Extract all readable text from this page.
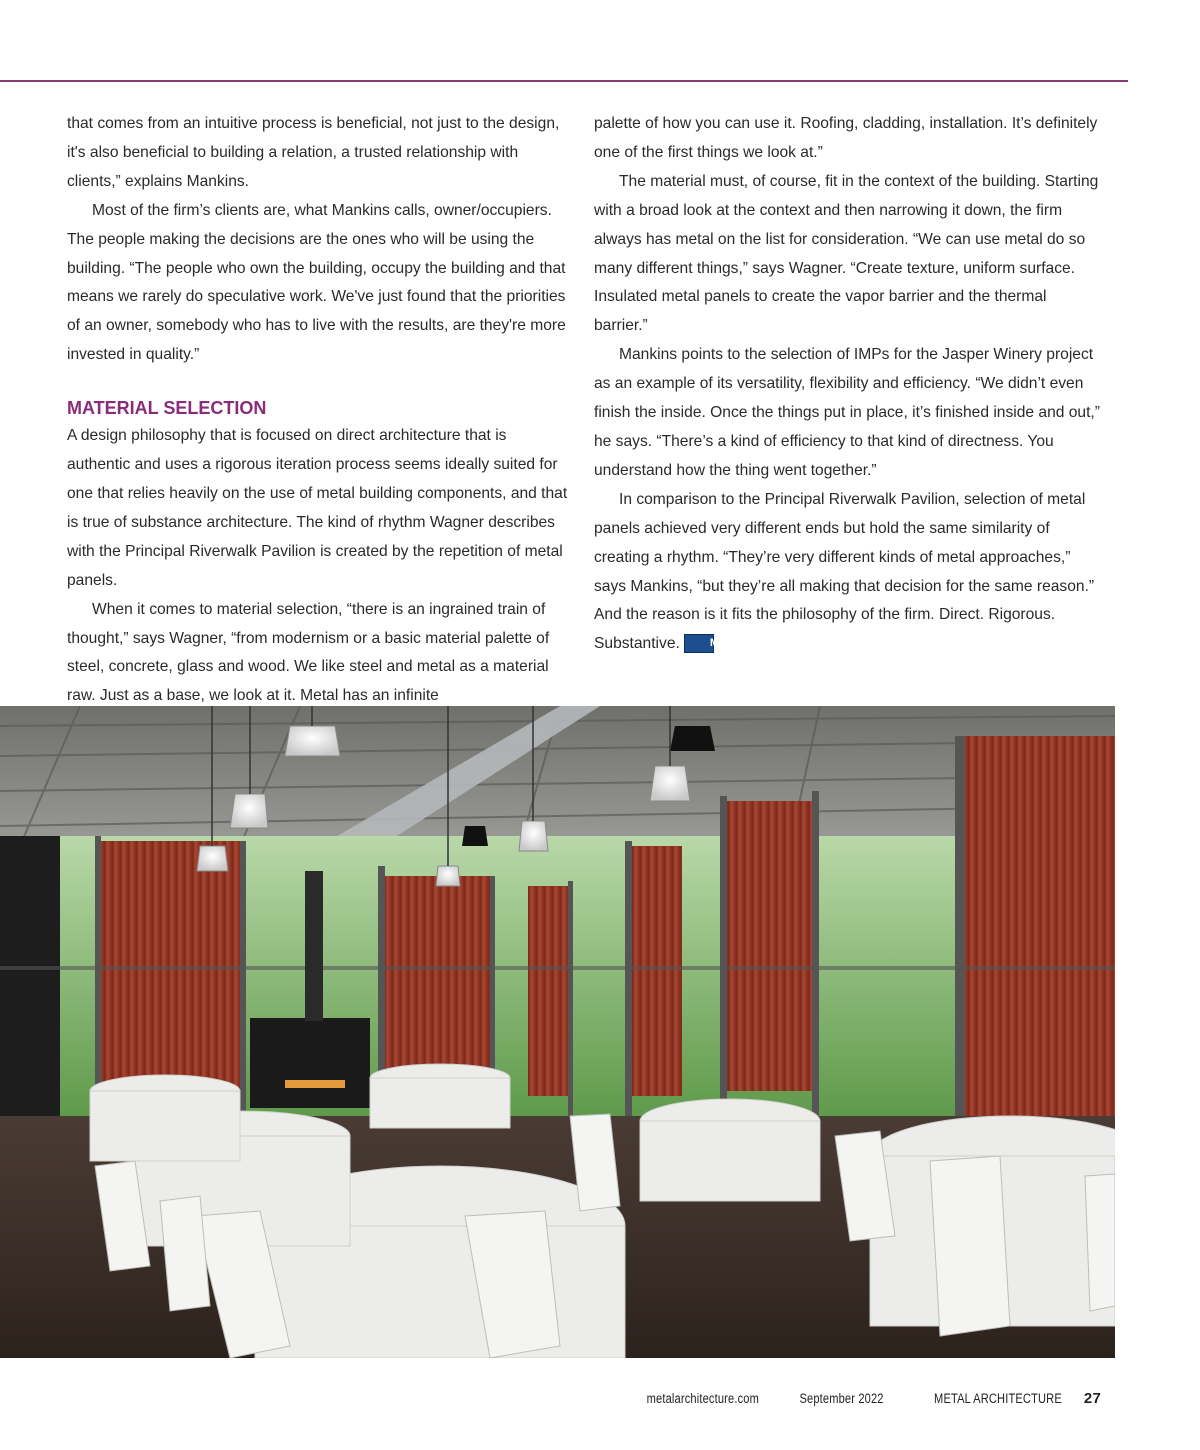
that comes from an intuitive process is beneficial, not just to the design, it's also beneficial to building a relation, a trusted relationship with clients,” explains Mankins.

Most of the firm’s clients are, what Mankins calls, owner/occupiers. The people making the decisions are the ones who will be using the building. “The people who own the building, occupy the building and that means we rarely do speculative work. We've just found that the priorities of an owner, somebody who has to live with the results, are they're more invested in quality.”

MATERIAL SELECTION

A design philosophy that is focused on direct architecture that is authentic and uses a rigorous iteration process seems ideally suited for one that relies heavily on the use of metal building components, and that is true of substance architecture. The kind of rhythm Wagner describes with the Principal Riverwalk Pavilion is created by the repetition of metal panels.

When it comes to material selection, “there is an ingrained train of thought,” says Wagner, “from modernism or a basic material palette of steel, concrete, glass and wood. We like steel and metal as a material raw. Just as a base, we look at it. Metal has an infinite

palette of how you can use it. Roofing, cladding, installation. It’s definitely one of the first things we look at.”

The material must, of course, fit in the context of the building. Starting with a broad look at the context and then narrowing it down, the firm always has metal on the list for consideration. “We can use metal do so many different things,” says Wagner. “Create texture, uniform surface. Insulated metal panels to create the vapor barrier and the thermal barrier.”

Mankins points to the selection of IMPs for the Jasper Winery project as an example of its versatility, flexibility and efficiency. “We didn’t even finish the inside. Once the things put in place, it’s finished inside and out,” he says. “There’s a kind of efficiency to that kind of directness. You understand how the thing went together.”

In comparison to the Principal Riverwalk Pavilion, selection of metal panels achieved very different ends but hold the same similarity of creating a rhythm. “They’re very different kinds of metal approaches,” says Mankins, “but they’re all making that decision for the same reason.” And the reason is it fits the philosophy of the firm. Direct. Rigorous. Substantive.	Ma

metalarchitecture.com	September 2022	METAL ARCHITECTURE 27
